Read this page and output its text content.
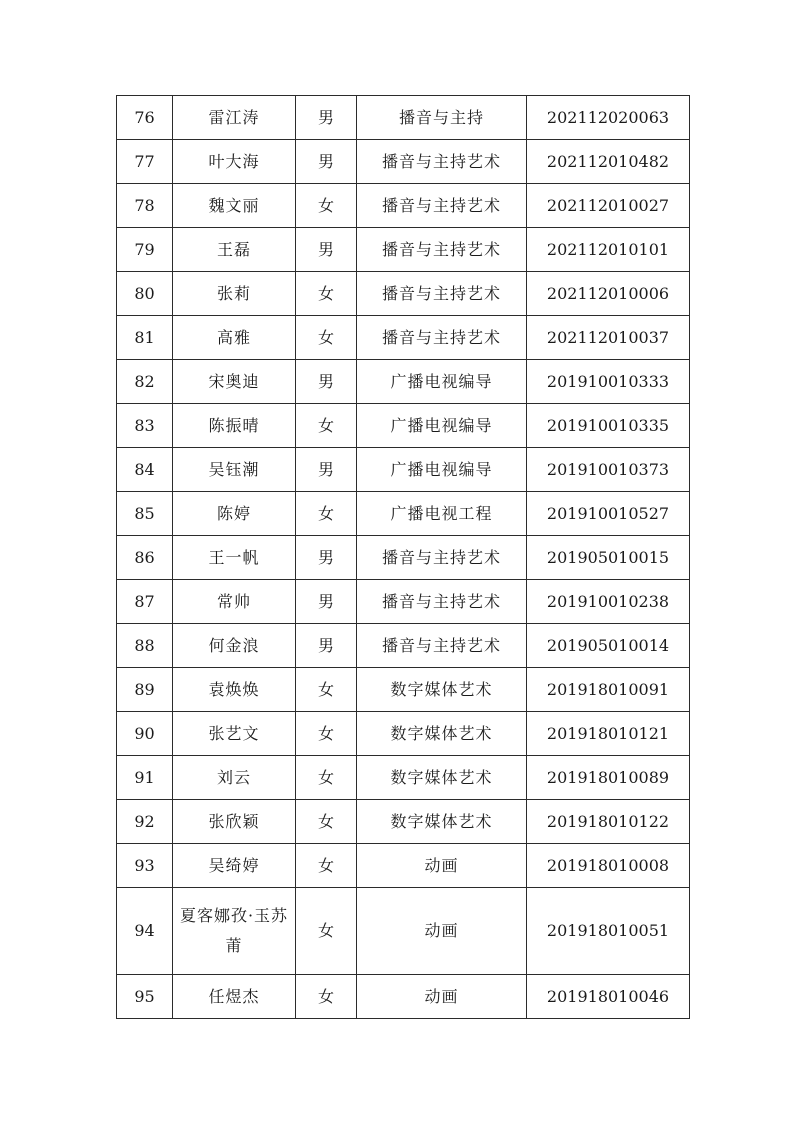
76	雷江涛	男	播音与主持	202112020063
77	叶大海	男	播音与主持艺术	202112010482
78	魏文丽	女	播音与主持艺术	202112010027
79	王磊	男	播音与主持艺术	202112010101
80	张莉	女	播音与主持艺术	202112010006
81	高雅	女	播音与主持艺术	202112010037
82	宋奥迪	男	广播电视编导	201910010333
83	陈振晴	女	广播电视编导	201910010335
84	吴钰潮	男	广播电视编导	201910010373
85	陈婷	女	广播电视工程	201910010527
86	王一帆	男	播音与主持艺术	201905010015
87	常帅	男	播音与主持艺术	201910010238
88	何金浪	男	播音与主持艺术	201905010014
89	袁焕焕	女	数字媒体艺术	201918010091
90	张艺文	女	数字媒体艺术	201918010121
91	刘云	女	数字媒体艺术	201918010089
92	张欣颖	女	数字媒体艺术	201918010122
93	吴绮婷	女	动画	201918010008
94	夏客娜孜·玉苏莆	女	动画	201918010051
95	任煜杰	女	动画	201918010046
